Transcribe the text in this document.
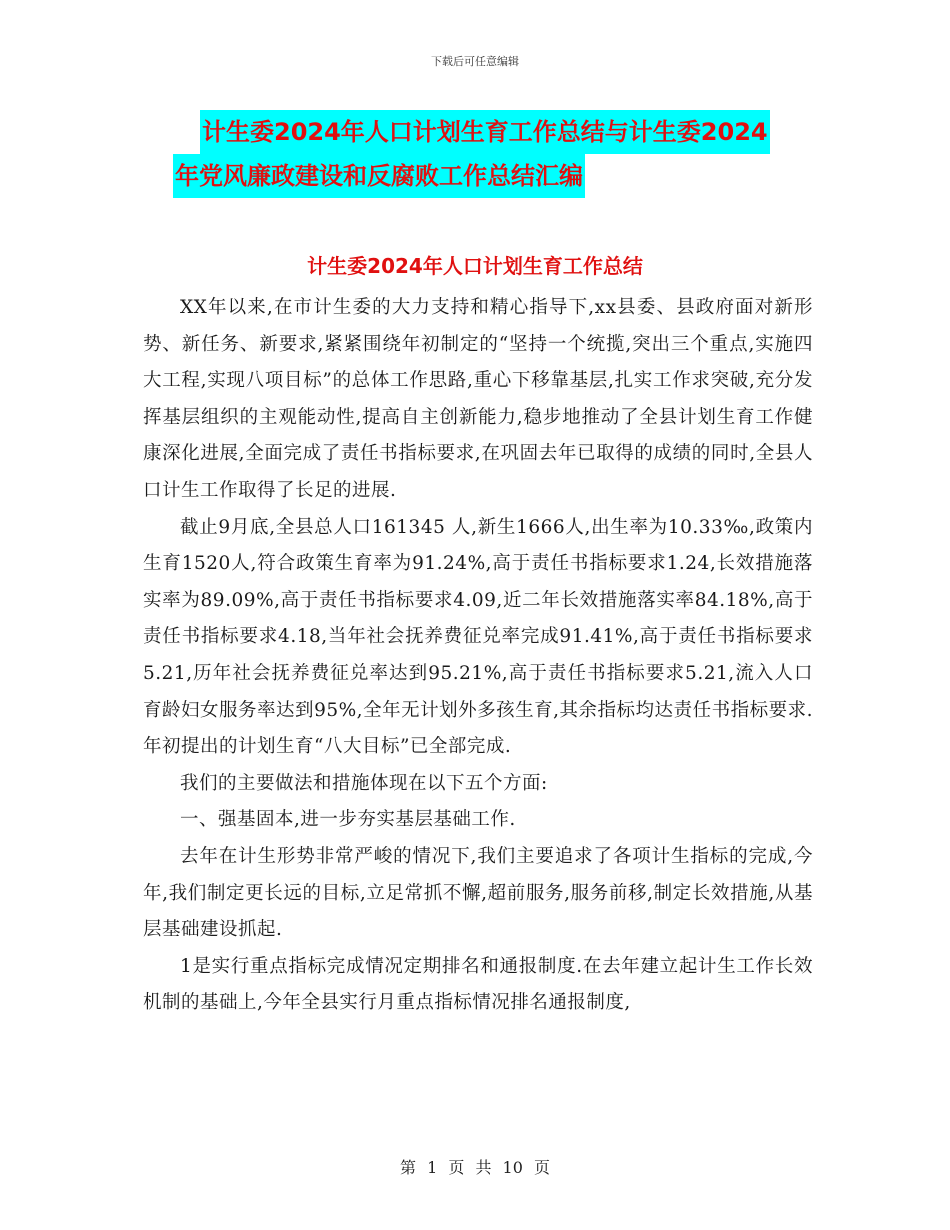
下载后可任意编辑
计生委2024年人口计划生育工作总结与计生委2024
年党风廉政建设和反腐败工作总结汇编
计生委2024年人口计划生育工作总结

XX年以来,在市计生委的大力支持和精心指导下,xx县委、县政府面对新形势、新任务、新要求,紧紧围绕年初制定的“坚持一个统揽,突出三个重点,实施四大工程,实现八项目标”的总体工作思路,重心下移靠基层,扎实工作求突破,充分发挥基层组织的主观能动性,提高自主创新能力,稳步地推动了全县计划生育工作健康深化进展,全面完成了责任书指标要求,在巩固去年已取得的成绩的同时,全县人口计生工作取得了长足的进展.

截止9月底,全县总人口161345 人,新生1666人,出生率为10.33‰,政策内生育1520人,符合政策生育率为91.24%,高于责任书指标要求1.24,长效措施落实率为89.09%,高于责任书指标要求4.09,近二年长效措施落实率84.18%,高于责任书指标要求4.18,当年社会抚养费征兑率完成91.41%,高于责任书指标要求5.21,历年社会抚养费征兑率达到95.21%,高于责任书指标要求5.21,流入人口育龄妇女服务率达到95%,全年无计划外多孩生育,其余指标均达责任书指标要求.年初提出的计划生育“八大目标”已全部完成.

我们的主要做法和措施体现在以下五个方面:

一、强基固本,进一步夯实基层基础工作.

去年在计生形势非常严峻的情况下,我们主要追求了各项计生指标的完成,今年,我们制定更长远的目标,立足常抓不懈,超前服务,服务前移,制定长效措施,从基层基础建设抓起.

1是实行重点指标完成情况定期排名和通报制度.在去年建立起计生工作长效机制的基础上,今年全县实行月重点指标情况排名通报制度,

第 1 页 共 10 页
